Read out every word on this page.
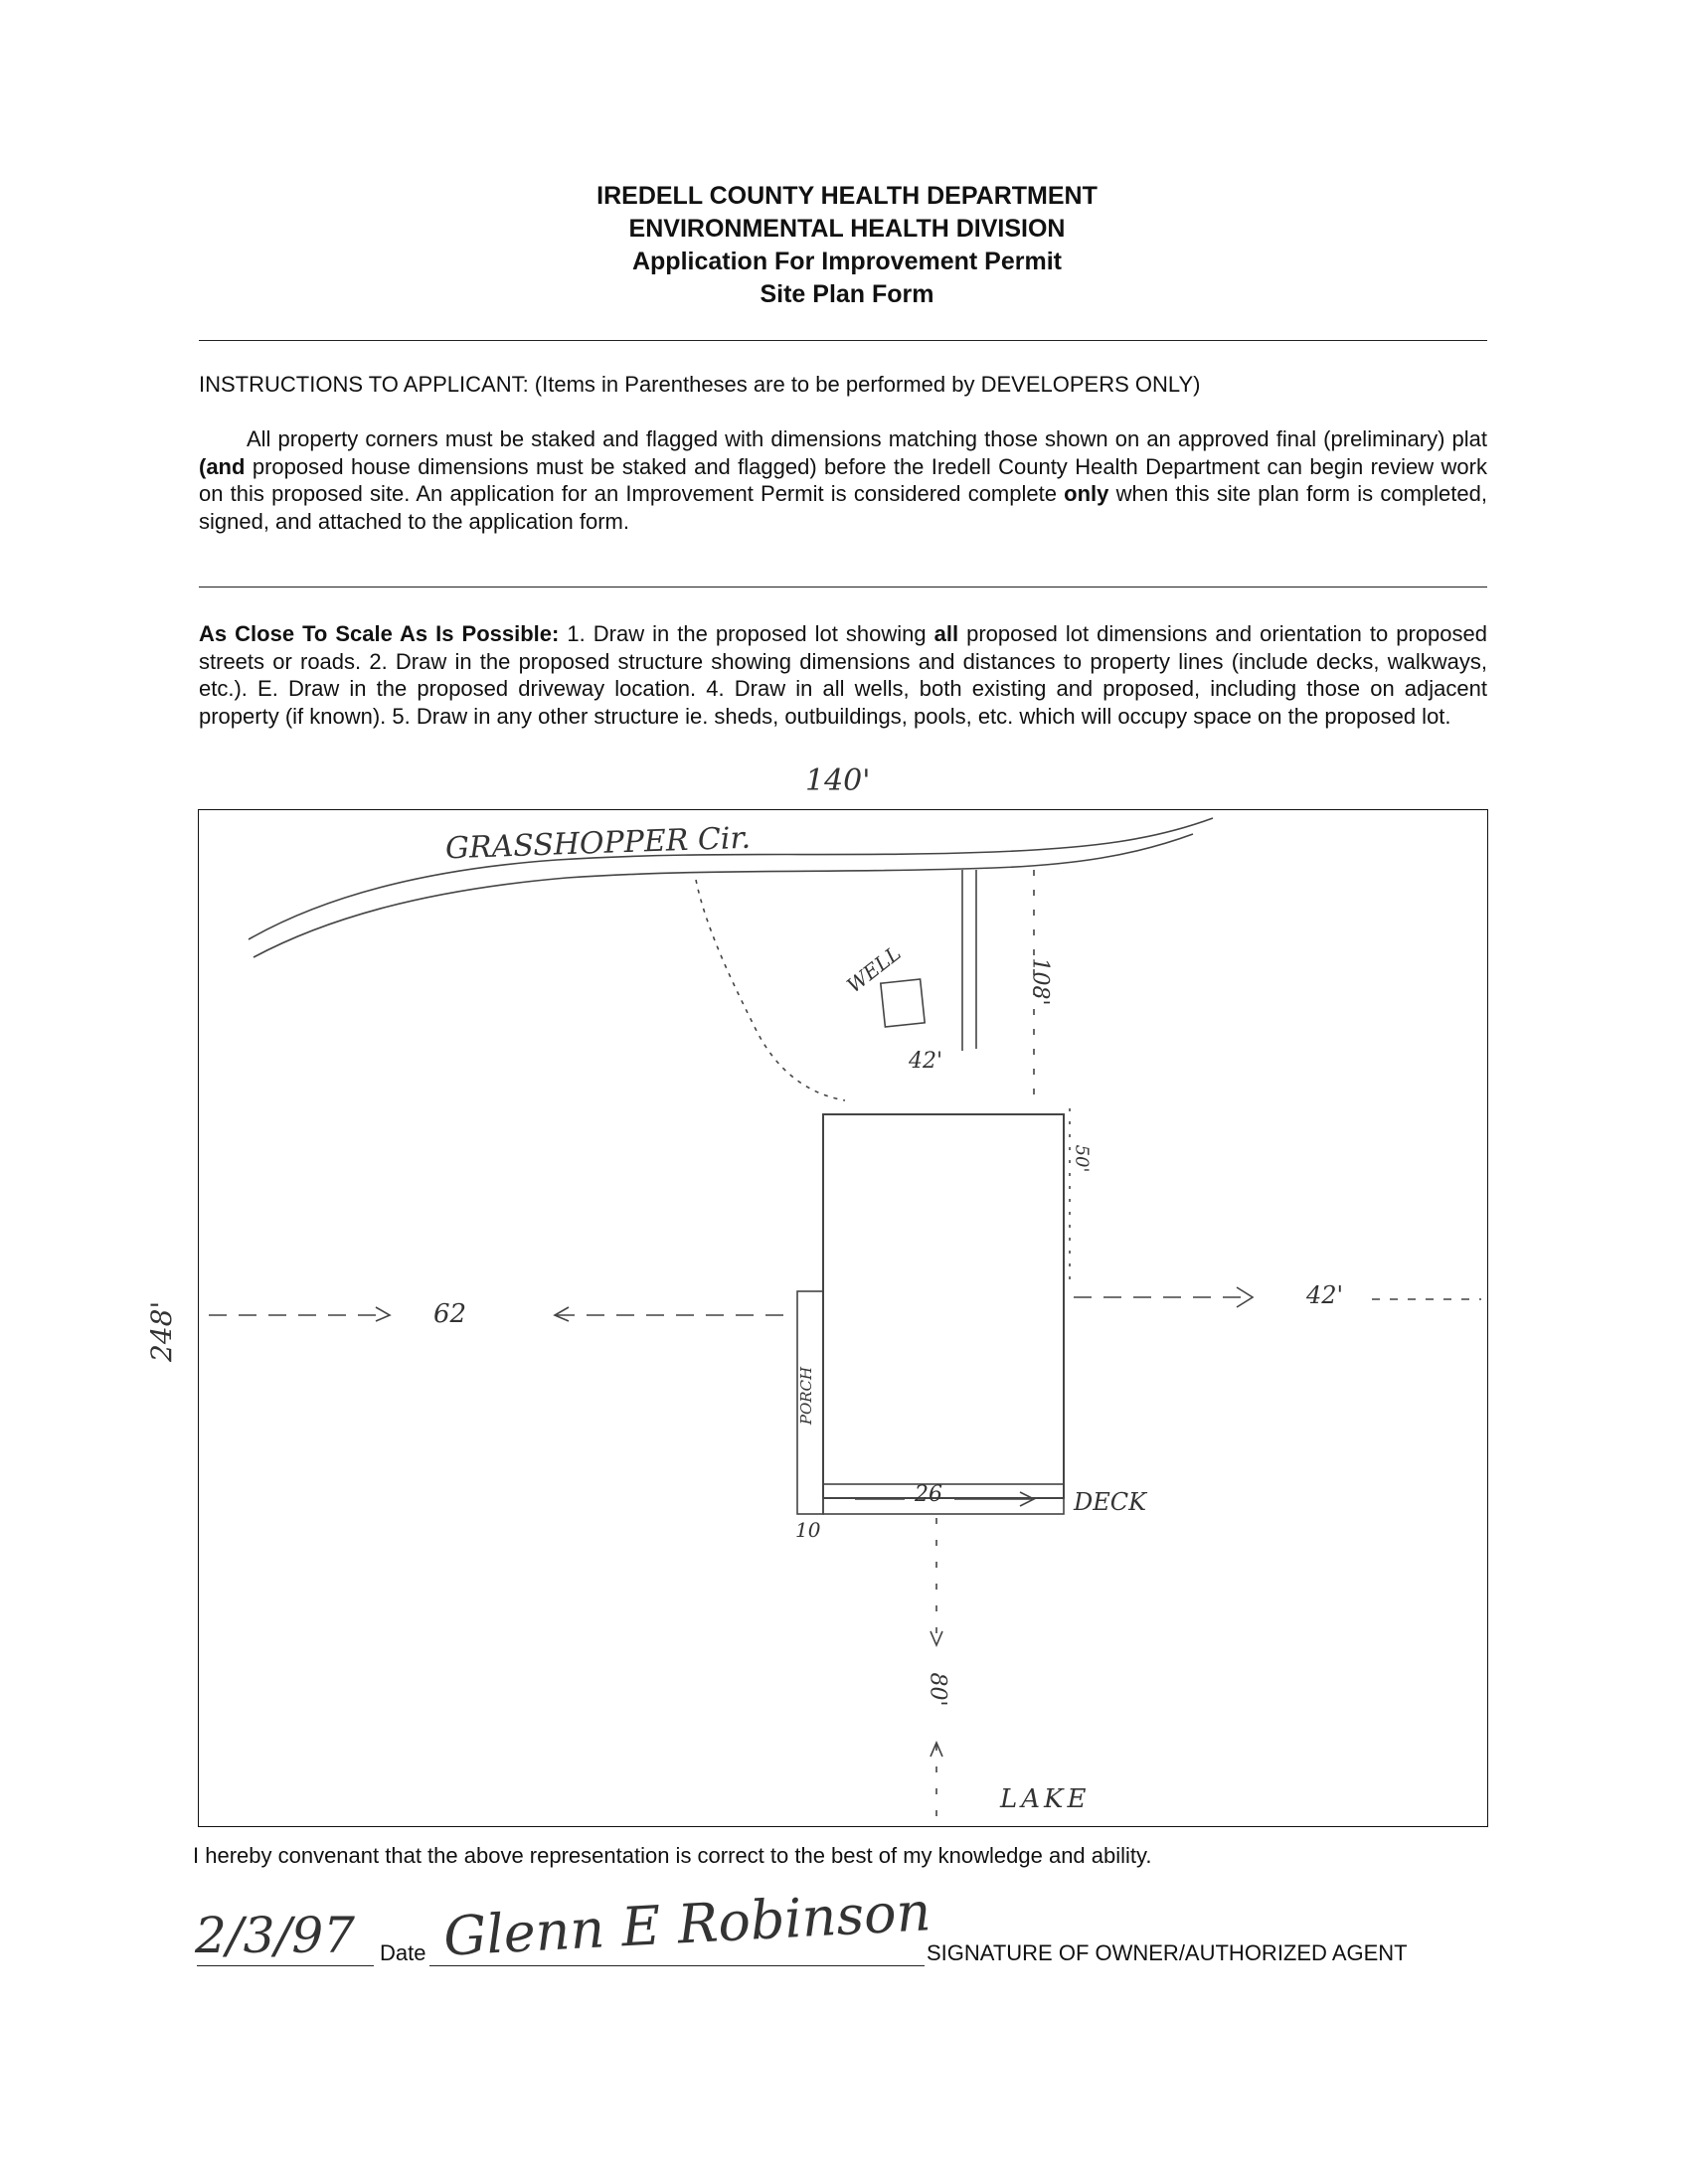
IREDELL COUNTY HEALTH DEPARTMENT
ENVIRONMENTAL HEALTH DIVISION
Application For Improvement Permit
Site Plan Form
INSTRUCTIONS TO APPLICANT: (Items in Parentheses are to be performed by DEVELOPERS ONLY)
All property corners must be staked and flagged with dimensions matching those shown on an approved final (preliminary) plat (and proposed house dimensions must be staked and flagged) before the Iredell County Health Department can begin review work on this proposed site. An application for an Improvement Permit is considered complete only when this site plan form is completed, signed, and attached to the application form.
As Close To Scale As Is Possible: 1. Draw in the proposed lot showing all proposed lot dimensions and orientation to proposed streets or roads. 2. Draw in the proposed structure showing dimensions and distances to property lines (include decks, walkways, etc.). E. Draw in the proposed driveway location. 4. Draw in all wells, both existing and proposed, including those on adjacent property (if known). 5. Draw in any other structure ie. sheds, outbuildings, pools, etc. which will occupy space on the proposed lot.
140'
GRASSHOPPER Cir.
WELL
42'
108'
50'
62
42'
PORCH
26	DECK
10
80'
LAKE
248'
I hereby convenant that the above representation is correct to the best of my knowledge and ability.
2/3/97 Date Glenn E Robinson
SIGNATURE OF OWNER/AUTHORIZED AGENT
